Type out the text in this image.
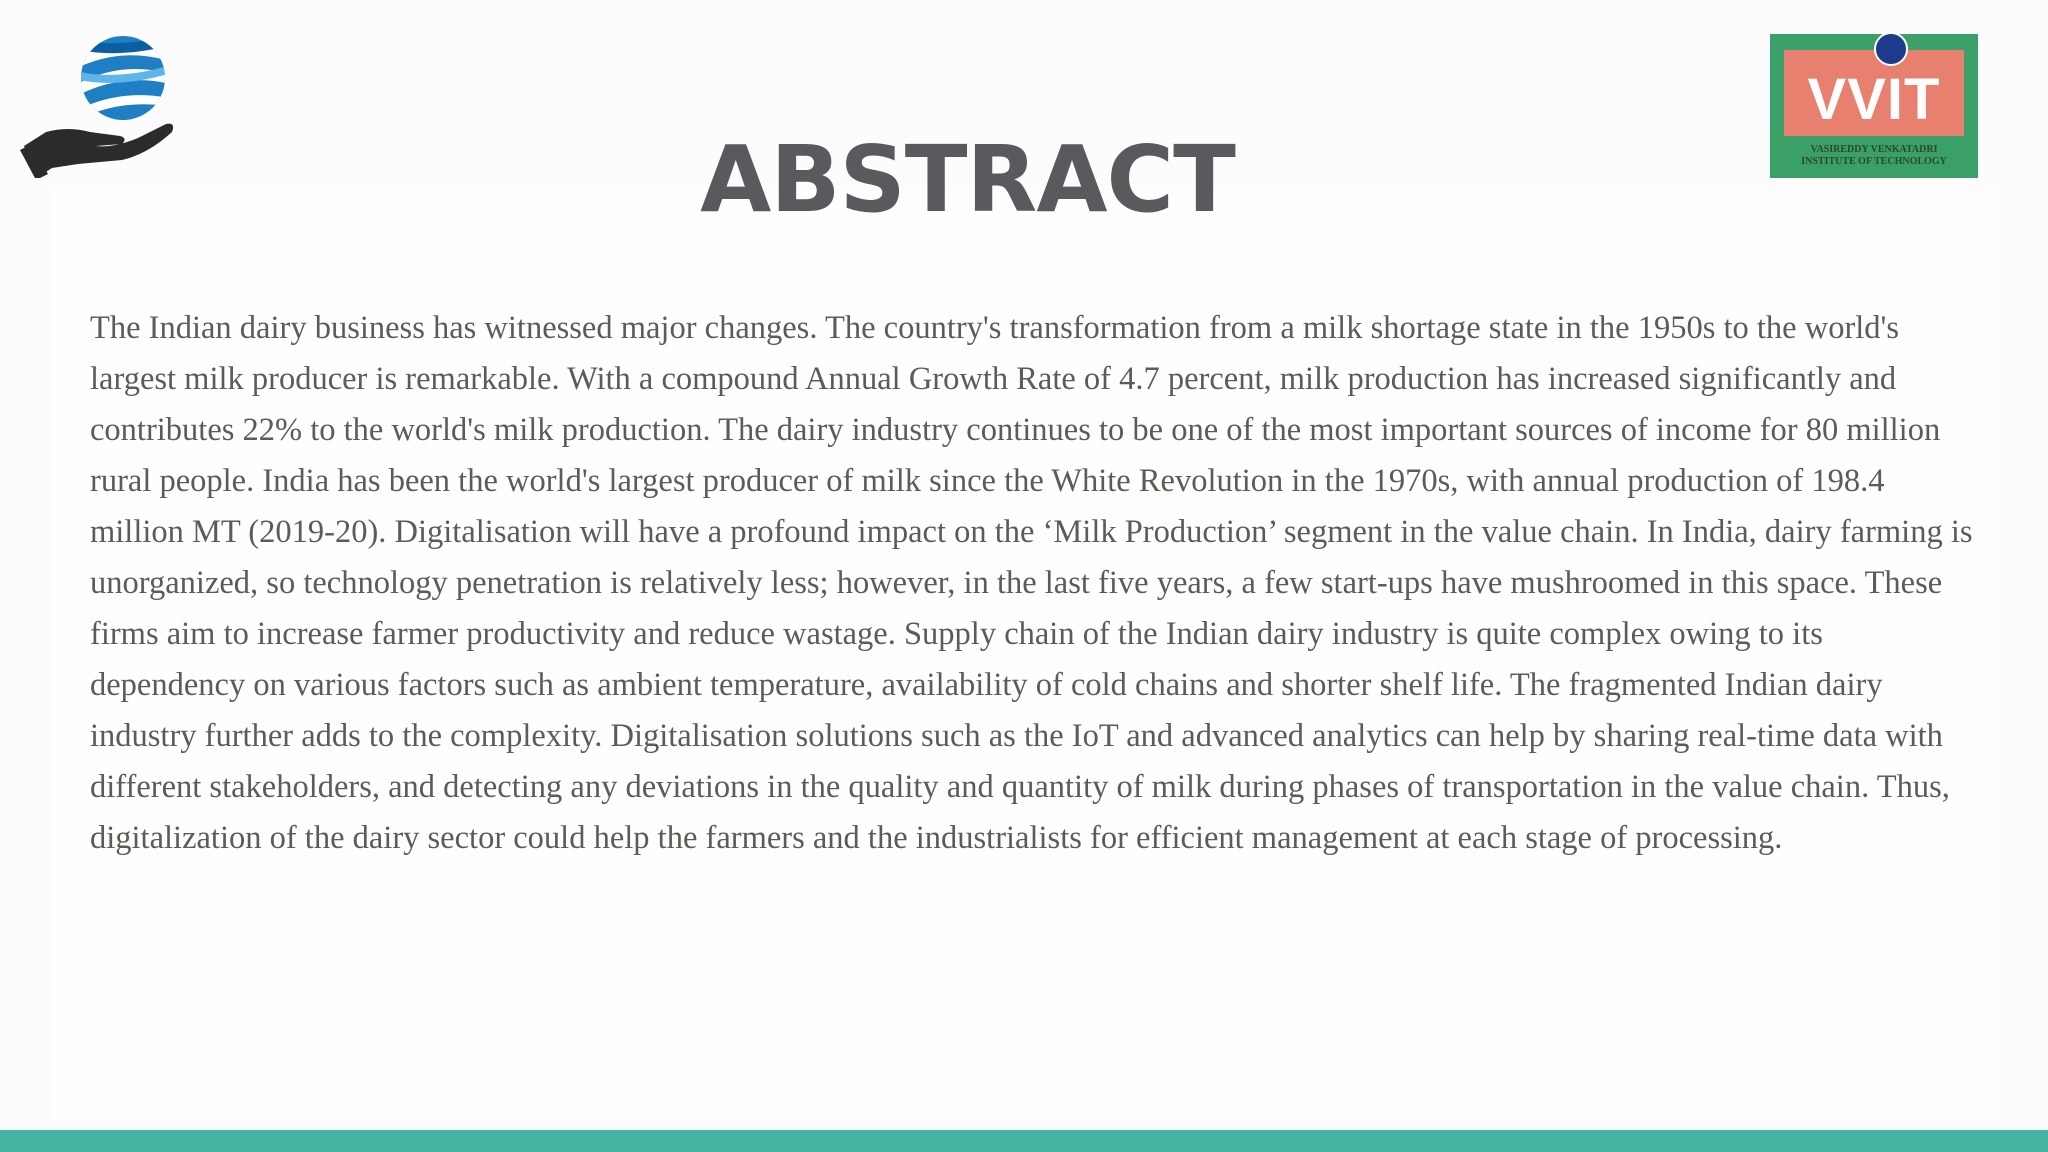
VVIT
VASIREDDY VENKATADRI
INSTITUTE OF TECHNOLOGY
ABSTRACT

The Indian dairy business has witnessed major changes. The country's transformation from a milk shortage state in the 1950s to the world's largest milk producer is remarkable. With a compound Annual Growth Rate of 4.7 percent, milk production has increased significantly and contributes 22% to the world's milk production. The dairy industry continues to be one of the most important sources of income for 80 million rural people. India has been the world's largest producer of milk since the White Revolution in the 1970s, with annual production of 198.4 million MT (2019-20). Digitalisation will have a profound impact on the ‘Milk Production’ segment in the value chain. In India, dairy farming is unorganized, so technology penetration is relatively less; however, in the last five years, a few start-ups have mushroomed in this space. These firms aim to increase farmer productivity and reduce wastage. Supply chain of the Indian dairy industry is quite complex owing to its dependency on various factors such as ambient temperature, availability of cold chains and shorter shelf life. The fragmented Indian dairy industry further adds to the complexity. Digitalisation solutions such as the IoT and advanced analytics can help by sharing real-time data with different stakeholders, and detecting any deviations in the quality and quantity of milk during phases of transportation in the value chain. Thus, digitalization of the dairy sector could help the farmers and the industrialists for efficient management at each stage of processing.
